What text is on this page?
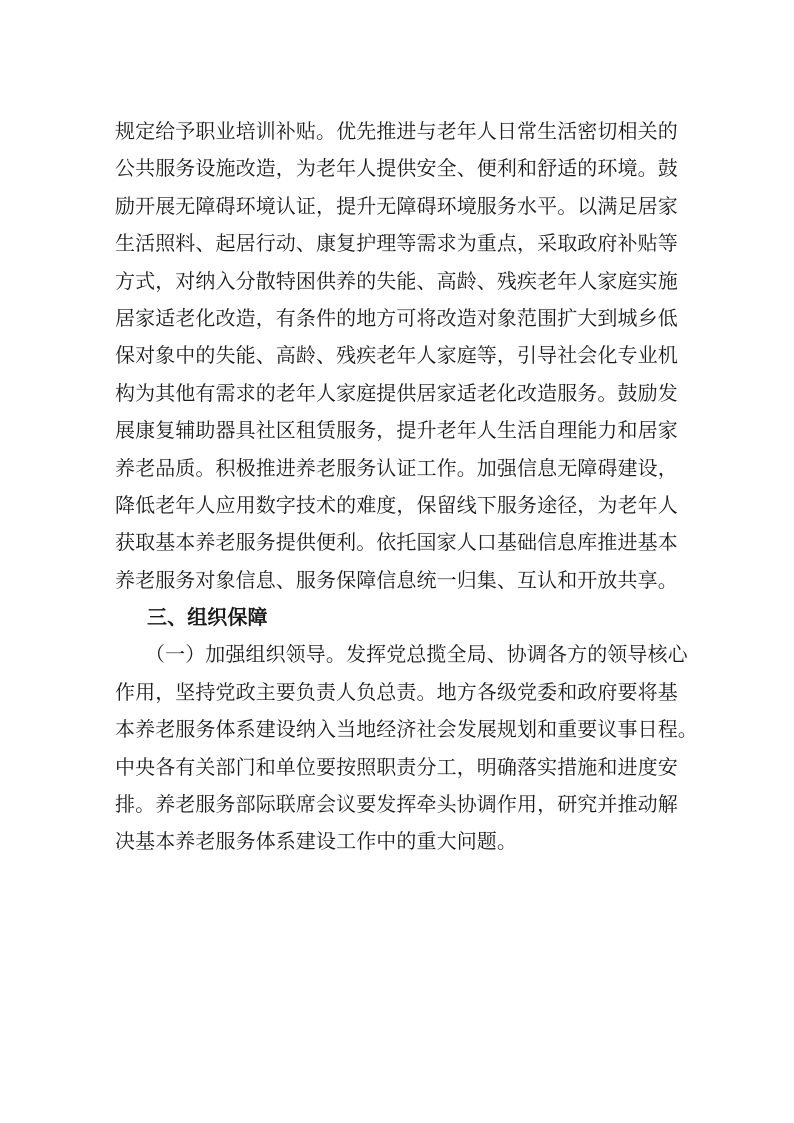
规定给予职业培训补贴。优先推进与老年人日常生活密切相关的
公共服务设施改造，为老年人提供安全、便利和舒适的环境。鼓
励开展无障碍环境认证，提升无障碍环境服务水平。以满足居家
生活照料、起居行动、康复护理等需求为重点，采取政府补贴等
方式，对纳入分散特困供养的失能、高龄、残疾老年人家庭实施
居家适老化改造，有条件的地方可将改造对象范围扩大到城乡低
保对象中的失能、高龄、残疾老年人家庭等，引导社会化专业机
构为其他有需求的老年人家庭提供居家适老化改造服务。鼓励发
展康复辅助器具社区租赁服务，提升老年人生活自理能力和居家
养老品质。积极推进养老服务认证工作。加强信息无障碍建设，
降低老年人应用数字技术的难度，保留线下服务途径，为老年人
获取基本养老服务提供便利。依托国家人口基础信息库推进基本
养老服务对象信息、服务保障信息统一归集、互认和开放共享。
三、组织保障
（一）加强组织领导。发挥党总揽全局、协调各方的领导核心
作用，坚持党政主要负责人负总责。地方各级党委和政府要将基
本养老服务体系建设纳入当地经济社会发展规划和重要议事日程。
中央各有关部门和单位要按照职责分工，明确落实措施和进度安
排。养老服务部际联席会议要发挥牵头协调作用，研究并推动解
决基本养老服务体系建设工作中的重大问题。
